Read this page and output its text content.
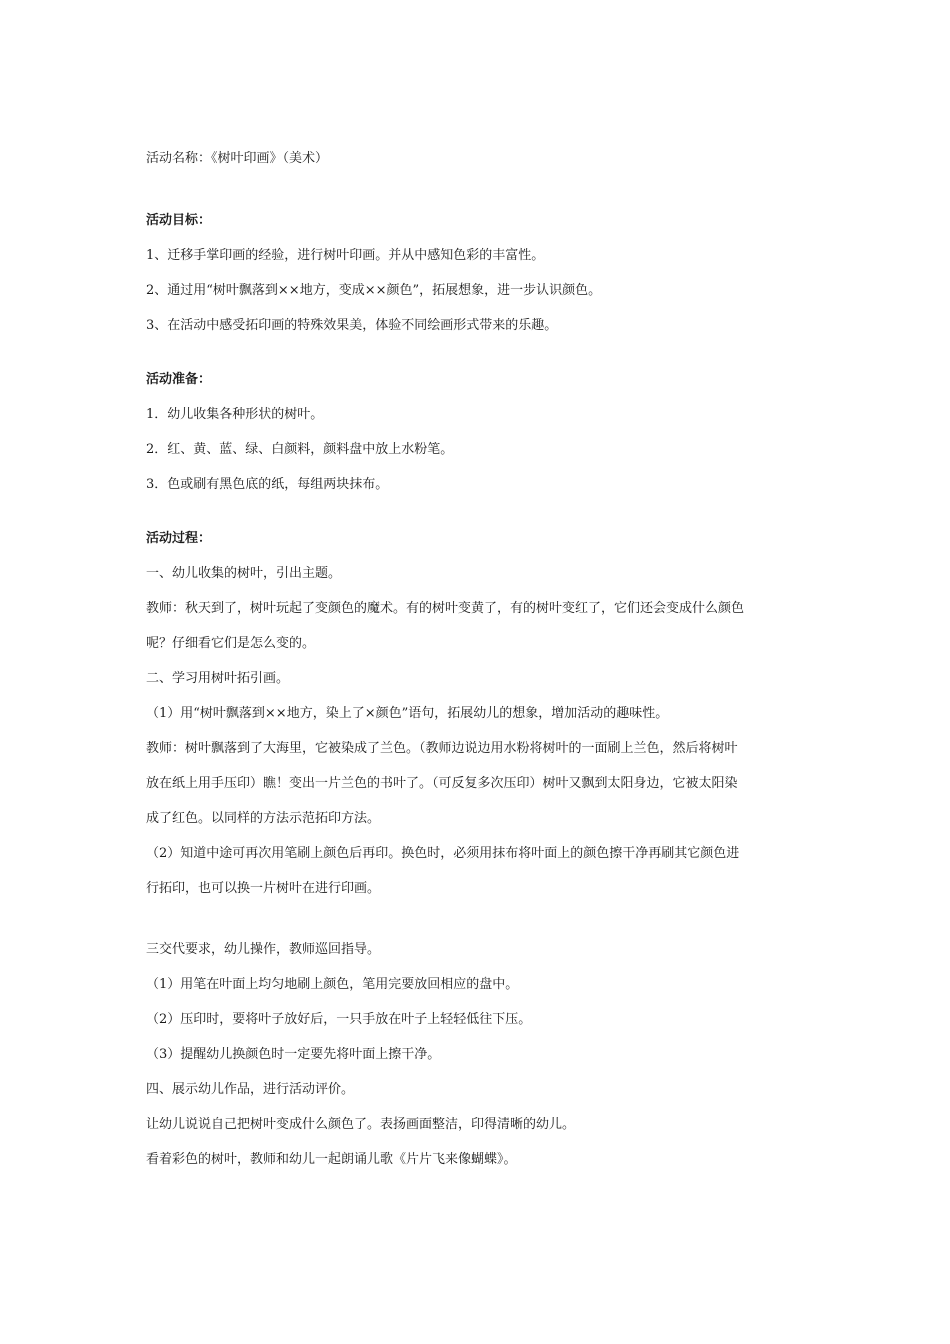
活动名称：《树叶印画》（美术）

活动目标：

1、迁移手掌印画的经验，进行树叶印画。并从中感知色彩的丰富性。

2、通过用“树叶飘落到××地方，变成××颜色”，拓展想象，进一步认识颜色。

3、在活动中感受拓印画的特殊效果美，体验不同绘画形式带来的乐趣。

活动准备：

1．幼儿收集各种形状的树叶。

2．红、黄、蓝、绿、白颜料，颜料盘中放上水粉笔。

3．色或刷有黑色底的纸，每组两块抹布。

活动过程：

一、幼儿收集的树叶，引出主题。

教师：秋天到了，树叶玩起了变颜色的魔术。有的树叶变黄了，有的树叶变红了，它们还会变成什么颜色

呢？仔细看它们是怎么变的。

二、学习用树叶拓引画。

（1）用“树叶飘落到××地方，染上了×颜色”语句，拓展幼儿的想象，增加活动的趣味性。

教师：树叶飘落到了大海里，它被染成了兰色。（教师边说边用水粉将树叶的一面刷上兰色，然后将树叶

放在纸上用手压印）瞧！变出一片兰色的书叶了。（可反复多次压印）树叶又飘到太阳身边，它被太阳染

成了红色。以同样的方法示范拓印方法。

（2）知道中途可再次用笔刷上颜色后再印。换色时，必须用抹布将叶面上的颜色擦干净再刷其它颜色进

行拓印，也可以换一片树叶在进行印画。

三交代要求，幼儿操作，教师巡回指导。

（1）用笔在叶面上均匀地刷上颜色，笔用完要放回相应的盘中。

（2）压印时，要将叶子放好后，一只手放在叶子上轻轻低往下压。

（3）提醒幼儿换颜色时一定要先将叶面上擦干净。

四、展示幼儿作品，进行活动评价。

让幼儿说说自己把树叶变成什么颜色了。表扬画面整洁，印得清晰的幼儿。

看着彩色的树叶，教师和幼儿一起朗诵儿歌《片片飞来像蝴蝶》。
